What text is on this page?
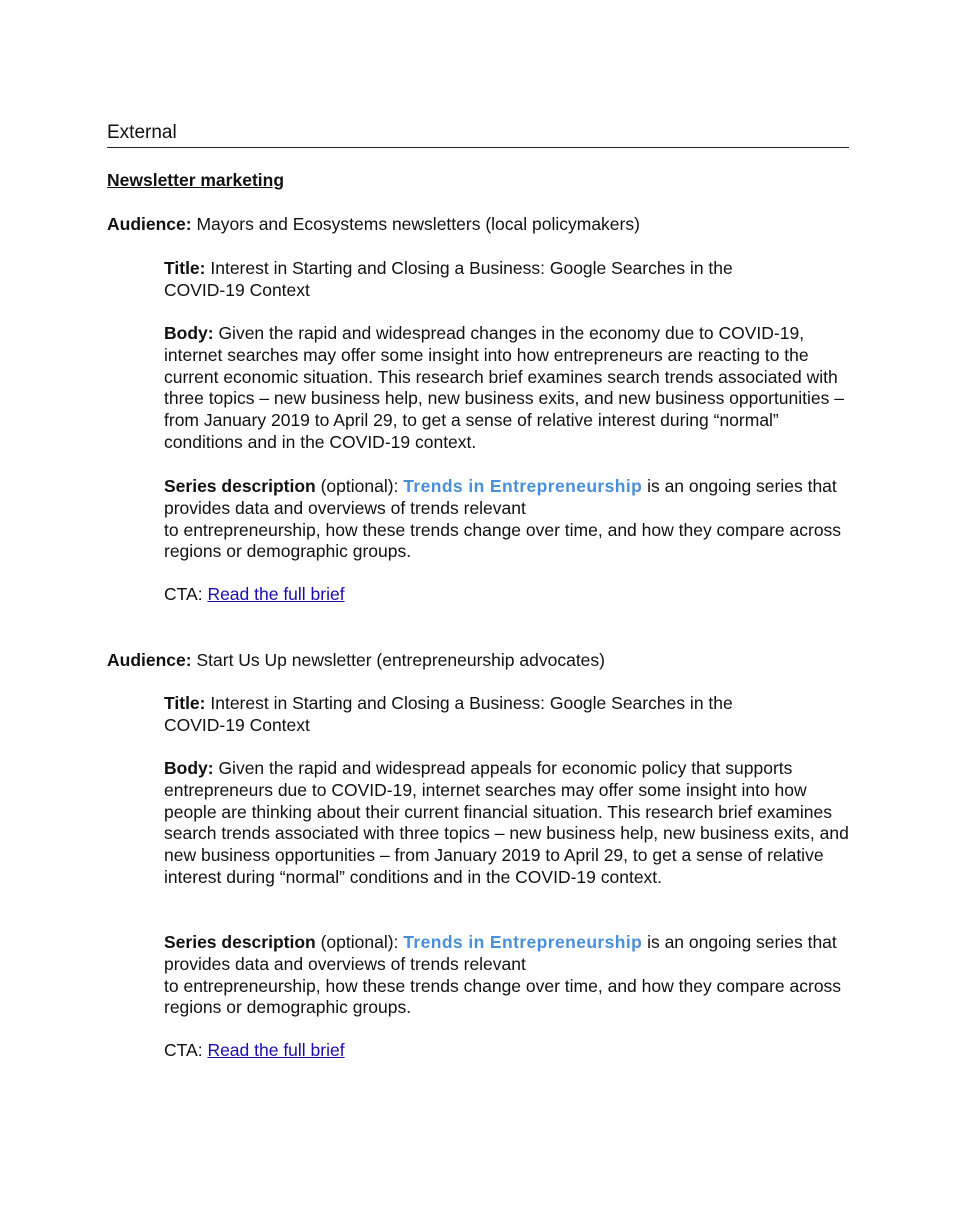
External
Newsletter marketing
Audience: Mayors and Ecosystems newsletters (local policymakers)
Title: Interest in Starting and Closing a Business: Google Searches in the COVID-19 Context
Body: Given the rapid and widespread changes in the economy due to COVID-19, internet searches may offer some insight into how entrepreneurs are reacting to the current economic situation. This research brief examines search trends associated with three topics – new business help, new business exits, and new business opportunities – from January 2019 to April 29, to get a sense of relative interest during “normal” conditions and in the COVID-19 context.
Series description (optional): Trends in Entrepreneurship is an ongoing series that provides data and overviews of trends relevant
to entrepreneurship, how these trends change over time, and how they compare across regions or demographic groups.
CTA: Read the full brief
Audience: Start Us Up newsletter (entrepreneurship advocates)
Title: Interest in Starting and Closing a Business: Google Searches in the COVID-19 Context
Body: Given the rapid and widespread appeals for economic policy that supports entrepreneurs due to COVID-19, internet searches may offer some insight into how people are thinking about their current financial situation. This research brief examines search trends associated with three topics – new business help, new business exits, and new business opportunities – from January 2019 to April 29, to get a sense of relative interest during “normal” conditions and in the COVID-19 context.
Series description (optional): Trends in Entrepreneurship is an ongoing series that provides data and overviews of trends relevant
to entrepreneurship, how these trends change over time, and how they compare across regions or demographic groups.
CTA: Read the full brief
